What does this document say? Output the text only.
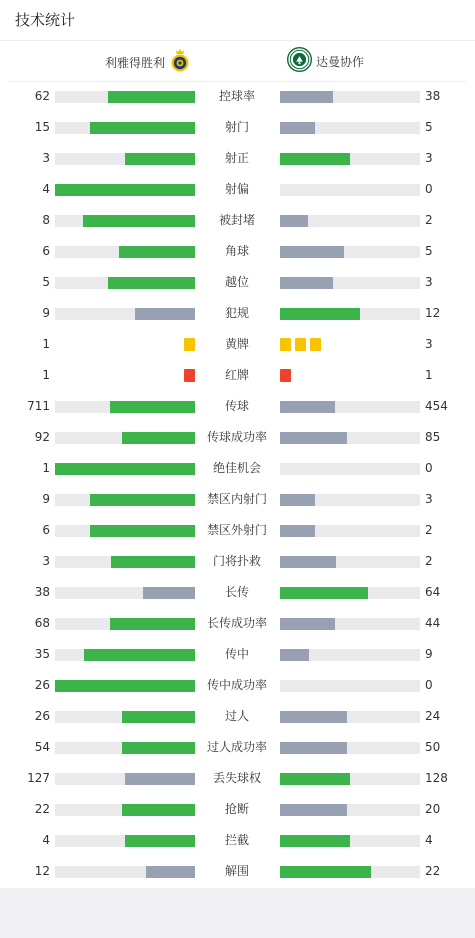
技术统计
利雅得胜利	达曼协作
62	控球率	38
15	射门	5
3	射正	3
4	射偏	0
8	被封堵	2
6	角球	5
5	越位	3
9	犯规	12
1	黄牌	3
1	红牌	1
711	传球	454
92	传球成功率	85
1	绝佳机会	0
9	禁区内射门	3
6	禁区外射门	2
3	门将扑救	2
38	长传	64
68	长传成功率	44
35	传中	9
26	传中成功率	0
26	过人	24
54	过人成功率	50
127	丢失球权	128
22	抢断	20
4	拦截	4
12	解围	22
